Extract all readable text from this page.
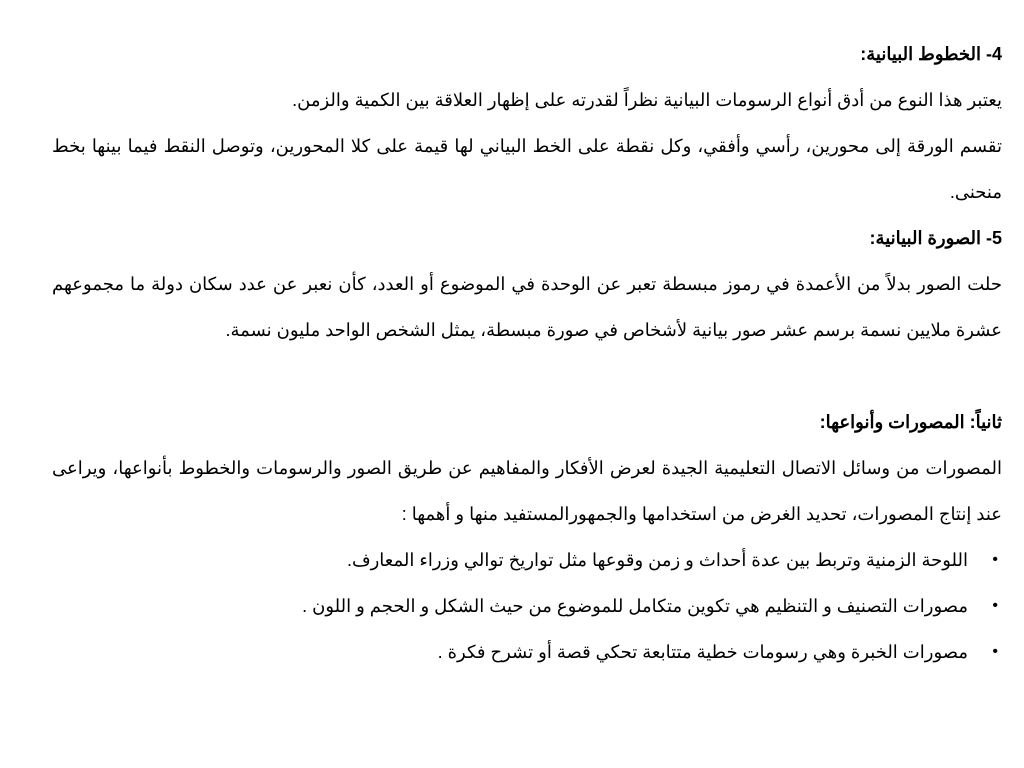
4- الخطوط البيانية:

يعتبر هذا النوع من أدق أنواع الرسومات البيانية نظراً لقدرته على إظهار العلاقة بين الكمية والزمن.

تقسم الورقة إلى محورين، رأسي وأفقي، وكل نقطة على الخط البياني لها قيمة على كلا المحورين، وتوصل النقط فيما بينها بخط منحنى.

5- الصورة البيانية:

حلت الصور بدلاً من الأعمدة في رموز مبسطة تعبر عن الوحدة في الموضوع أو العدد، كأن نعبر عن عدد سكان دولة ما مجموعهم عشرة ملايين نسمة برسم عشر صور بيانية لأشخاص في صورة مبسطة، يمثل الشخص الواحد مليون نسمة.

ثانياً: المصورات وأنواعها:

المصورات من وسائل الاتصال التعليمية الجيدة لعرض الأفكار والمفاهيم عن طريق الصور والرسومات والخطوط بأنواعها، ويراعى عند إنتاج المصورات، تحديد الغرض من استخدامها والجمهورالمستفيد منها و أهمها :

•
اللوحة الزمنية وتربط بين عدة أحداث و زمن وقوعها مثل تواريخ توالي وزراء المعارف.
•
مصورات التصنيف و التنظيم هي تكوين متكامل للموضوع من حيث الشكل و الحجم و اللون .
•
مصورات الخبرة وهي رسومات خطية متتابعة تحكي قصة أو تشرح فكرة .
